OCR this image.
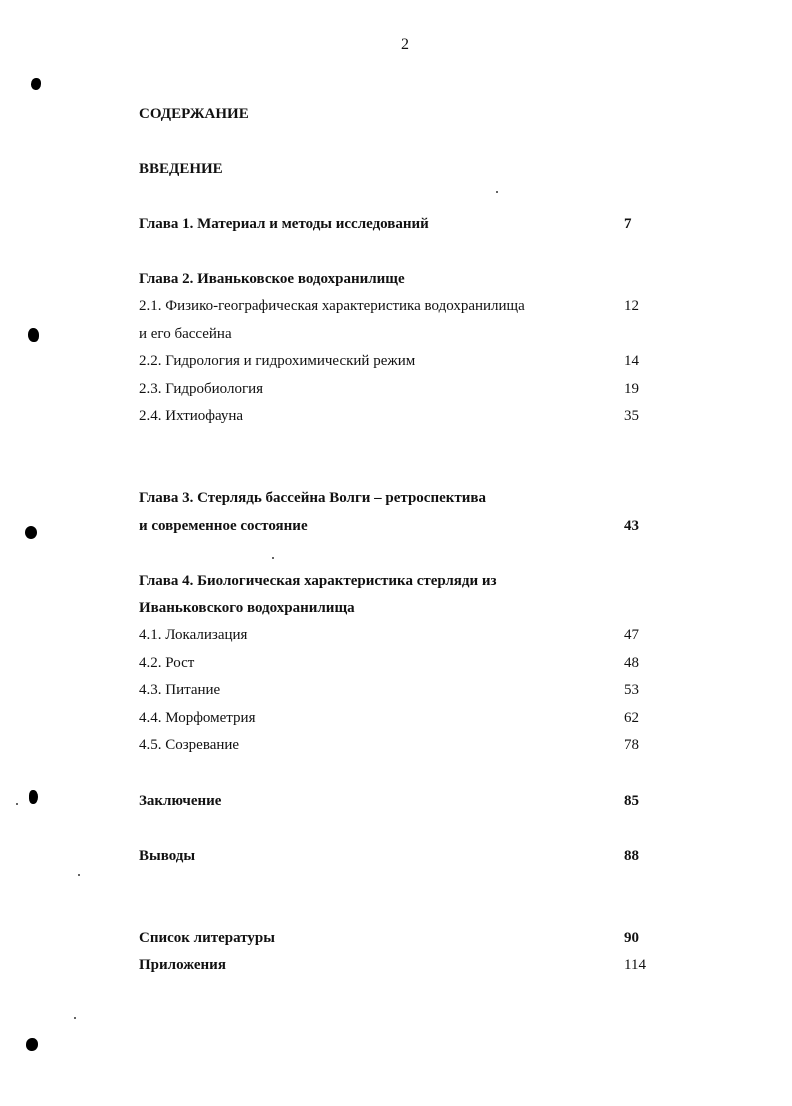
2
СОДЕРЖАНИЕ
ВВЕДЕНИЕ
Глава 1. Материал и методы исследований	7
Глава 2. Иваньковское водохранилище
2.1. Физико-географическая характеристика водохранилища	12
и его бассейна
2.2. Гидрология и гидрохимический режим	14
2.3. Гидробиология	19
2.4. Ихтиофауна	35
Глава 3. Стерлядь бассейна Волги – ретроспектива
и современное состояние	43
Глава 4. Биологическая характеристика стерляди из
Иваньковского водохранилища
4.1. Локализация	47
4.2. Рост	48
4.3. Питание	53
4.4. Морфометрия	62
4.5. Созревание	78
Заключение	85
Выводы	88
Список литературы	90
Приложения	114
